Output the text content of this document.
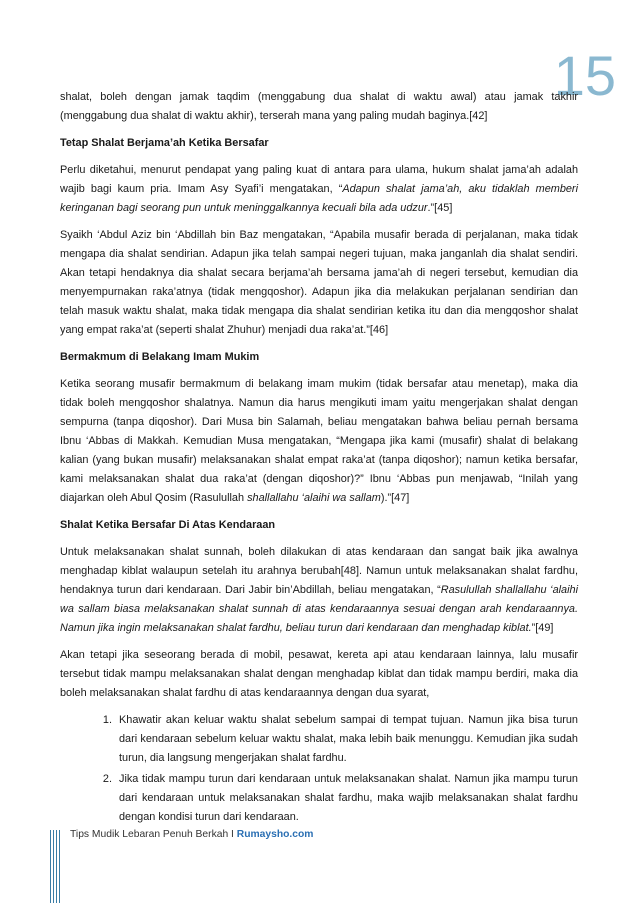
15

shalat, boleh dengan jamak taqdim (menggabung dua shalat di waktu awal) atau jamak takhir (menggabung dua shalat di waktu akhir), terserah mana yang paling mudah baginya.[42]

Tetap Shalat Berjama’ah Ketika Bersafar

Perlu diketahui, menurut pendapat yang paling kuat di antara para ulama, hukum shalat jama’ah adalah wajib bagi kaum pria. Imam Asy Syafi’i mengatakan, “Adapun shalat jama’ah, aku tidaklah memberi keringanan bagi seorang pun untuk meninggalkannya kecuali bila ada udzur.”[45]

Syaikh ‘Abdul Aziz bin ‘Abdillah bin Baz mengatakan, “Apabila musafir berada di perjalanan, maka tidak mengapa dia shalat sendirian. Adapun jika telah sampai negeri tujuan, maka janganlah dia shalat sendiri. Akan tetapi hendaknya dia shalat secara berjama’ah bersama jama’ah di negeri tersebut, kemudian dia menyempurnakan raka’atnya (tidak mengqoshor). Adapun jika dia melakukan perjalanan sendirian dan telah masuk waktu shalat, maka tidak mengapa dia shalat sendirian ketika itu dan dia mengqoshor shalat yang empat raka’at (seperti shalat Zhuhur) menjadi dua raka’at.”[46]

Bermakmum di Belakang Imam Mukim

Ketika seorang musafir bermakmum di belakang imam mukim (tidak bersafar atau menetap), maka dia tidak boleh mengqoshor shalatnya. Namun dia harus mengikuti imam yaitu mengerjakan shalat dengan sempurna (tanpa diqoshor). Dari Musa bin Salamah, beliau mengatakan bahwa beliau pernah bersama Ibnu ‘Abbas di Makkah. Kemudian Musa mengatakan, “Mengapa jika kami (musafir) shalat di belakang kalian (yang bukan musafir) melaksanakan shalat empat raka’at (tanpa diqoshor); namun ketika bersafar, kami melaksanakan shalat dua raka’at (dengan diqoshor)?” Ibnu ‘Abbas pun menjawab, “Inilah yang diajarkan oleh Abul Qosim (Rasulullah shallallahu ‘alaihi wa sallam).”[47]

Shalat Ketika Bersafar Di Atas Kendaraan

Untuk melaksanakan shalat sunnah, boleh dilakukan di atas kendaraan dan sangat baik jika awalnya menghadap kiblat walaupun setelah itu arahnya berubah[48]. Namun untuk melaksanakan shalat fardhu, hendaknya turun dari kendaraan. Dari Jabir bin’Abdillah, beliau mengatakan, “Rasulullah shallallahu ‘alaihi wa sallam biasa melaksanakan shalat sunnah di atas kendaraannya sesuai dengan arah kendaraannya. Namun jika ingin melaksanakan shalat fardhu, beliau turun dari kendaraan dan menghadap kiblat.”[49]

Akan tetapi jika seseorang berada di mobil, pesawat, kereta api atau kendaraan lainnya, lalu musafir tersebut tidak mampu melaksanakan shalat dengan menghadap kiblat dan tidak mampu berdiri, maka dia boleh melaksanakan shalat fardhu di atas kendaraannya dengan dua syarat,

1. Khawatir akan keluar waktu shalat sebelum sampai di tempat tujuan. Namun jika bisa turun dari kendaraan sebelum keluar waktu shalat, maka lebih baik menunggu. Kemudian jika sudah turun, dia langsung mengerjakan shalat fardhu.
2. Jika tidak mampu turun dari kendaraan untuk melaksanakan shalat. Namun jika mampu turun dari kendaraan untuk melaksanakan shalat fardhu, maka wajib melaksanakan shalat fardhu dengan kondisi turun dari kendaraan.
Tips Mudik Lebaran Penuh Berkah I Rumaysho.com
